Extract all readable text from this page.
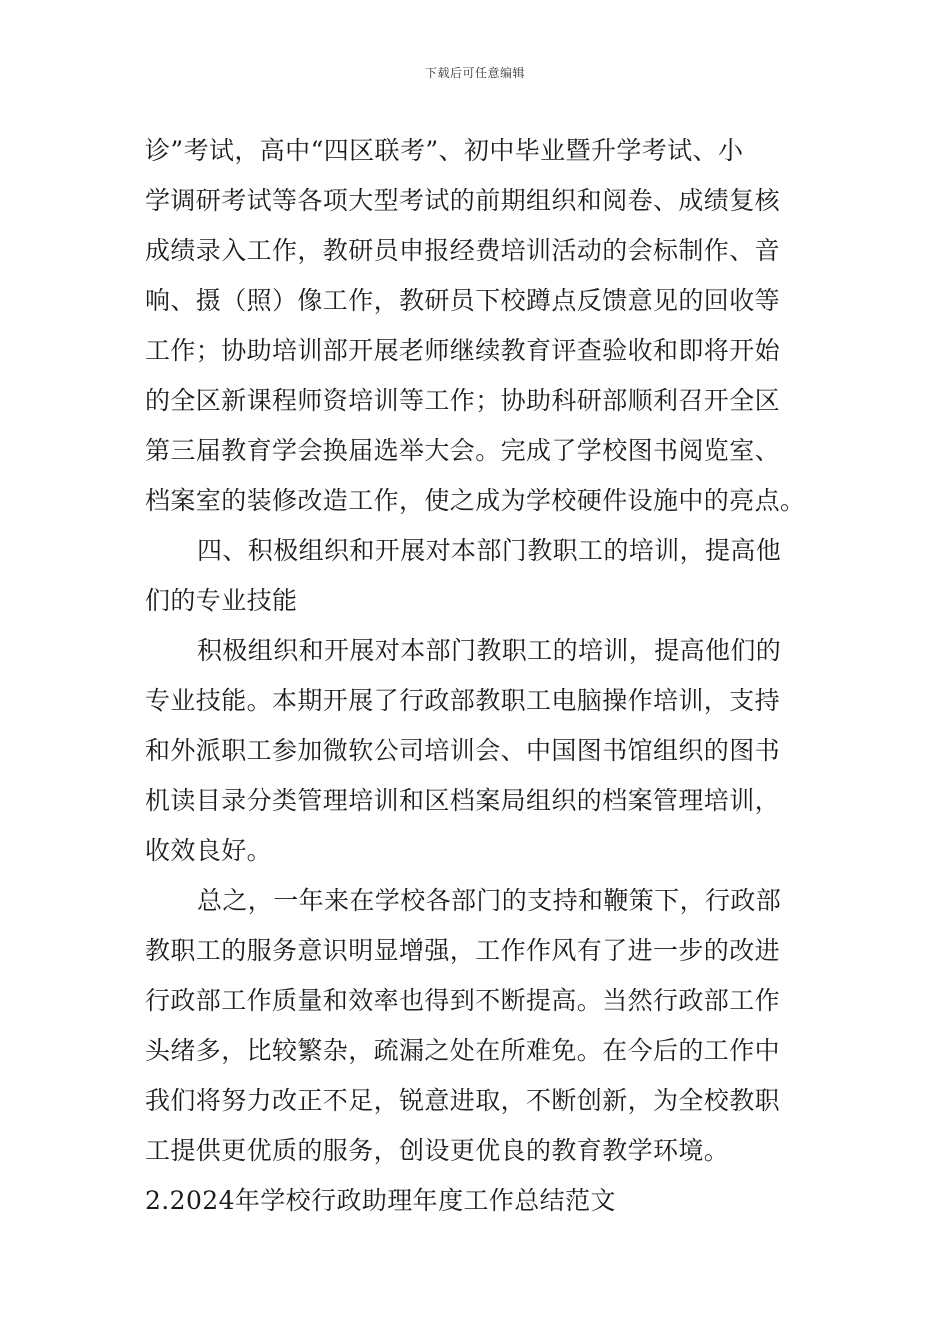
下载后可任意编辑
诊”考试，高中“四区联考”、初中毕业暨升学考试、小
学调研考试等各项大型考试的前期组织和阅卷、成绩复核
成绩录入工作，教研员申报经费培训活动的会标制作、音
响、摄（照）像工作，教研员下校蹲点反馈意见的回收等
工作；协助培训部开展老师继续教育评查验收和即将开始
的全区新课程师资培训等工作；协助科研部顺利召开全区
第三届教育学会换届选举大会。完成了学校图书阅览室、
档案室的装修改造工作，使之成为学校硬件设施中的亮点。
四、积极组织和开展对本部门教职工的培训，提高他
们的专业技能
积极组织和开展对本部门教职工的培训，提高他们的
专业技能。本期开展了行政部教职工电脑操作培训，支持
和外派职工参加微软公司培训会、中国图书馆组织的图书
机读目录分类管理培训和区档案局组织的档案管理培训，
收效良好。
总之，一年来在学校各部门的支持和鞭策下，行政部
教职工的服务意识明显增强，工作作风有了进一步的改进
行政部工作质量和效率也得到不断提高。当然行政部工作
头绪多，比较繁杂，疏漏之处在所难免。在今后的工作中
我们将努力改正不足，锐意进取，不断创新，为全校教职
工提供更优质的服务，创设更优良的教育教学环境。
2.2024年学校行政助理年度工作总结范文
